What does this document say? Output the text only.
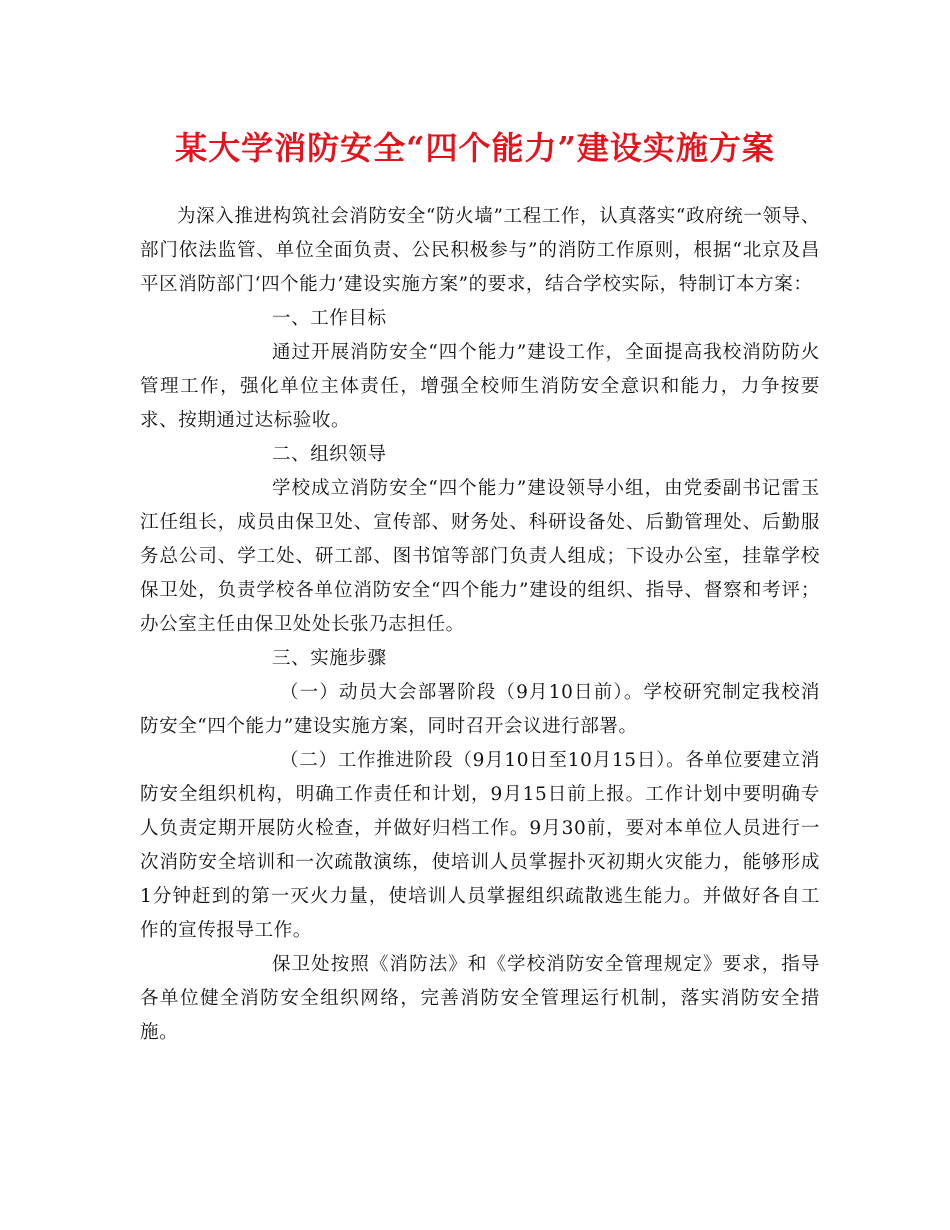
某大学消防安全“四个能力”建设实施方案

为深入推进构筑社会消防安全“防火墙”工程工作，认真落实“政府统一领导、部门依法监管、单位全面负责、公民积极参与”的消防工作原则，根据“北京及昌平区消防部门‘四个能力’建设实施方案”的要求，结合学校实际，特制订本方案：

一、工作目标

通过开展消防安全“四个能力”建设工作，全面提高我校消防防火管理工作，强化单位主体责任，增强全校师生消防安全意识和能力，力争按要求、按期通过达标验收。

二、组织领导

学校成立消防安全“四个能力”建设领导小组，由党委副书记雷玉江任组长，成员由保卫处、宣传部、财务处、科研设备处、后勤管理处、后勤服务总公司、学工处、研工部、图书馆等部门负责人组成；下设办公室，挂靠学校保卫处，负责学校各单位消防安全“四个能力”建设的组织、指导、督察和考评；办公室主任由保卫处处长张乃志担任。

三、实施步骤

（一）动员大会部署阶段（9月10日前）。学校研究制定我校消防安全“四个能力”建设实施方案，同时召开会议进行部署。

（二）工作推进阶段（9月10日至10月15日）。各单位要建立消防安全组织机构，明确工作责任和计划，9月15日前上报。工作计划中要明确专人负责定期开展防火检查，并做好归档工作。9月30前，要对本单位人员进行一次消防安全培训和一次疏散演练，使培训人员掌握扑灭初期火灾能力，能够形成1分钟赶到的第一灭火力量，使培训人员掌握组织疏散逃生能力。并做好各自工作的宣传报导工作。

保卫处按照《消防法》和《学校消防安全管理规定》要求，指导各单位健全消防安全组织网络，完善消防安全管理运行机制，落实消防安全措施。
